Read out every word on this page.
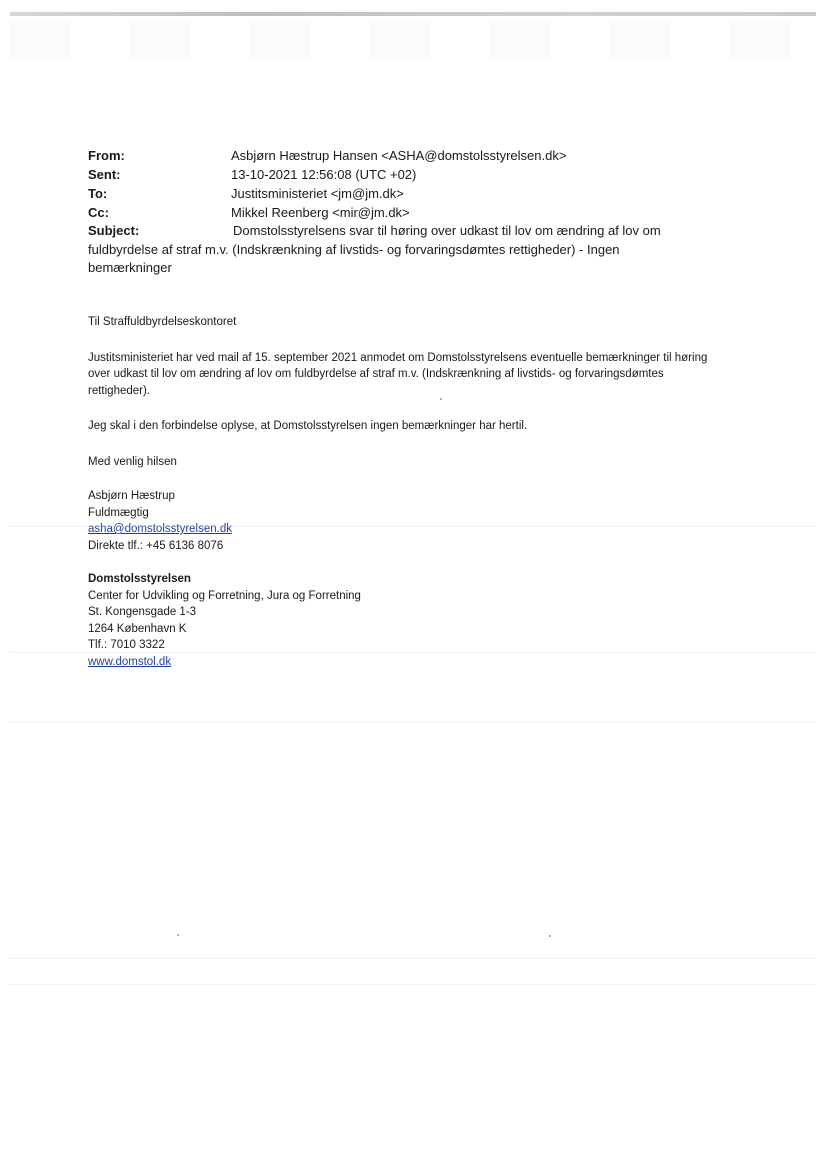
From:	Asbjørn Hæstrup Hansen <ASHA@domstolsstyrelsen.dk>
Sent:	13-10-2021 12:56:08 (UTC +02)
To:	Justitsministeriet <jm@jm.dk>
Cc:	Mikkel Reenberg <mir@jm.dk>
Subject:	Domstolsstyrelsens svar til høring over udkast til lov om ændring af lov om fuldbyrdelse af straf m.v. (Indskrænkning af livstids- og forvaringsdømtes rettigheder) - Ingen bemærkninger

Til Straffuldbyrdelseskontoret

Justitsministeriet har ved mail af 15. september 2021 anmodet om Domstolsstyrelsens eventuelle bemærkninger til høring over udkast til lov om ændring af lov om fuldbyrdelse af straf m.v. (Indskrænkning af livstids- og forvaringsdømtes rettigheder).

Jeg skal i den forbindelse oplyse, at Domstolsstyrelsen ingen bemærkninger har hertil.

Med venlig hilsen

Asbjørn Hæstrup
Fuldmægtig
asha@domstolsstyrelsen.dk
Direkte tlf.: +45 6136 8076
Domstolsstyrelsen
Center for Udvikling og Forretning, Jura og Forretning
St. Kongensgade 1-3
1264 København K
Tlf.: 7010 3322
www.domstol.dk
